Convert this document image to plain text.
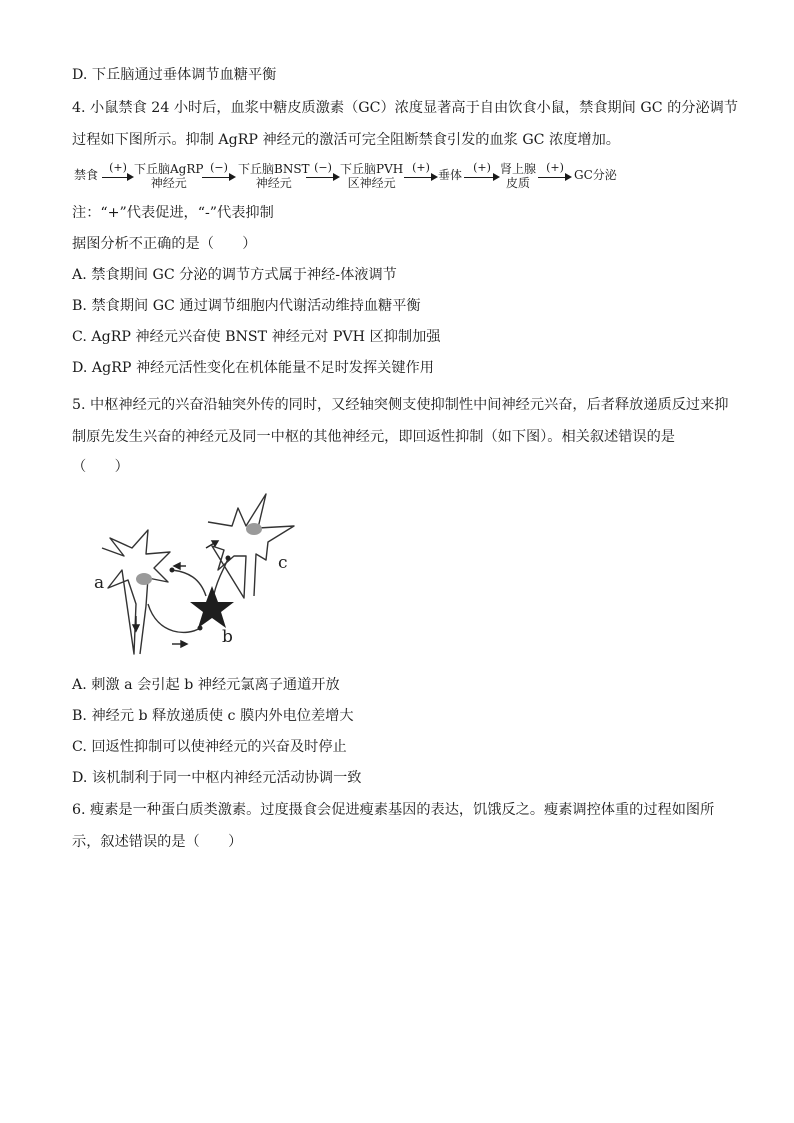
D. 下丘脑通过垂体调节血糖平衡
4. 小鼠禁食 24 小时后，血浆中糖皮质激素（GC）浓度显著高于自由饮食小鼠，禁食期间 GC 的分泌调节
过程如下图所示。抑制 AgRP 神经元的激活可完全阻断禁食引发的血浆 GC 浓度增加。
禁食
(+) 下丘脑AgRP
神经元
(−) 下丘脑BNST
神经元
(−) 下丘脑PVH
区神经元
(+)
垂体
(+) 肾上腺
皮质
(+)
GC分泌
注：“+”代表促进，“-”代表抑制
据图分析不正确的是（　　）
A. 禁食期间 GC 分泌的调节方式属于神经-体液调节
B. 禁食期间 GC 通过调节细胞内代谢活动维持血糖平衡
C. AgRP 神经元兴奋使 BNST 神经元对 PVH 区抑制加强
D. AgRP 神经元活性变化在机体能量不足时发挥关键作用
5. 中枢神经元的兴奋沿轴突外传的同时，又经轴突侧支使抑制性中间神经元兴奋，后者释放递质反过来抑
制原先发生兴奋的神经元及同一中枢的其他神经元，即回返性抑制（如下图）。相关叙述错误的是
（　　）
a
b
c
A. 刺激 a 会引起 b 神经元氯离子通道开放
B. 神经元 b 释放递质使 c 膜内外电位差增大
C. 回返性抑制可以使神经元的兴奋及时停止
D. 该机制利于同一中枢内神经元活动协调一致
6. 瘦素是一种蛋白质类激素。过度摄食会促进瘦素基因的表达，饥饿反之。瘦素调控体重的过程如图所
示，叙述错误的是（　　）
